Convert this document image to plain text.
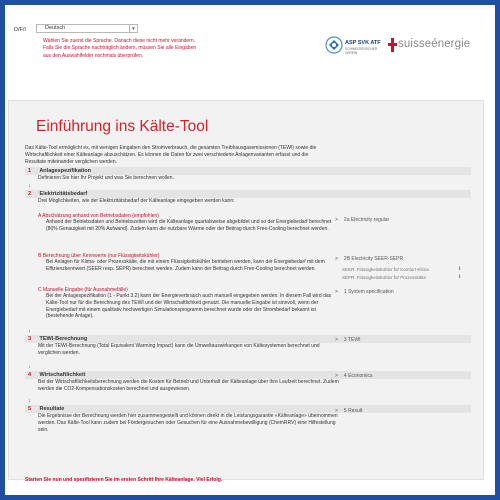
D/F/I	Deutsch	▼
Wählen Sie zuerst die Sprache. Danach diese nicht mehr verändern.
Falls Sie die Sprache nachträglich ändern, müssen Sie alle Eingaben aus den Auswahlfelder nochmals überprüfen.
ASP SVK ATF
SCHWEIZERISCHER VEREIN
suisseénergie
Einführung ins Kälte-Tool

Das Kälte-Tool ermöglicht es, mit wenigen Eingaben den Stromverbrauch, die gesamten Treibhausgasemissionen (TEWI) sowie die Wirtschaftlichkeit einer Kälteanlage abzuschätzen. Es können die Daten für zwei verschiedene Anlagenvarianten erfasst und die Resultate miteinander verglichen werden.

1 Anlagespezifikation
Definieren Sie hier Ihr Projekt und was Sie berechnen wollen.
↓
2 Elektrizitätsbedarf
Drei Möglichkeiten, wie der Elektrizitätsbedarf der Kälteanlage eingegeben werden kann:
A Abschätzung anhand von Betriebsdaten (empfohlen)
Anhand der Betriebsdaten und Betriebszeiten wird die Kälteanlage quartalsweise abgebildet und so der Energiebedarf berechnet (80% Genauigkeit mit 20% Aufwand). Zudem kann die nutzbare Wärme oder der Beitrag durch Free-Cooling berechnet werden.
B Berechnung über Kennwerte (nur Flüssigkeitskühler)
Bei Anlagen für Klima- oder Prozesskälte, die mit einem Flüssigkeitskühler betrieben werden, kann der Energiebedarf mit dem Effizienzkennwert (SEER resp. SEPR) berechnet werden. Zudem kann der Beitrag durch Free-Cooling berechnet werden.
C Manuelle Eingabe (für Ausnahmefälle)
Bei der Anlagespezifikation (1 - Punkt 3.2) kann der Energieverbrauch auch manuell eingegeben werden. In diesem Fall wird das Kälte-Tool nur für die Berechnung des TEWI und der Wirtschaftlichkeit genutzt. Die manuelle Eingabe ist sinnvoll, wenn der Energiebedarf mit einem qualitativ hochwertigen Simulationsprogramm berechnet wurde oder der Strombedarf bekannt ist (bestehende Anlage).
↓
3 TEWI-Berechnung
Mit der TEWI-Berechnung (Total Equivalent Warming Impact) kann die Umweltauswirkungen von Kältesystemen berechnet und verglichen werden.
↓
4 Wirtschaftlichkeit
Bei der Wirtschaftlichkeitsberechnung werden die Kosten für Betrieb und Unterhalt der Kälteanlage über ihre Laufzeit berechnet. Zudem werden die CO2-Kompensationskosten berechnet und ausgewiesen.
↓
5 Resultate
Die Ergebnisse der Berechnung werden hier zusammengestellt und können direkt in die Leistungsgarantie «Kälteanlage» übernommen werden. Das Kälte-Tool kann zudem bei Fördergesuchen oder Gesuchen für eine Ausnahmebewilligung (ChemRRV) eine Hilfestellung sein.
> 2a Electricity regular
> 2B Electricity SEER-SEPR
SEER: Flüssigkeitskühler für Komfort-Klima	i
SEPR: Flüssigkeitskühler für Prozesskälte	i
> 1 System specification
> 3 TEWI
> 4 Economics
> 5 Result
Starten Sie nun und spezifizieren Sie im ersten Schritt Ihre Kälteanlage. Viel Erfolg.
